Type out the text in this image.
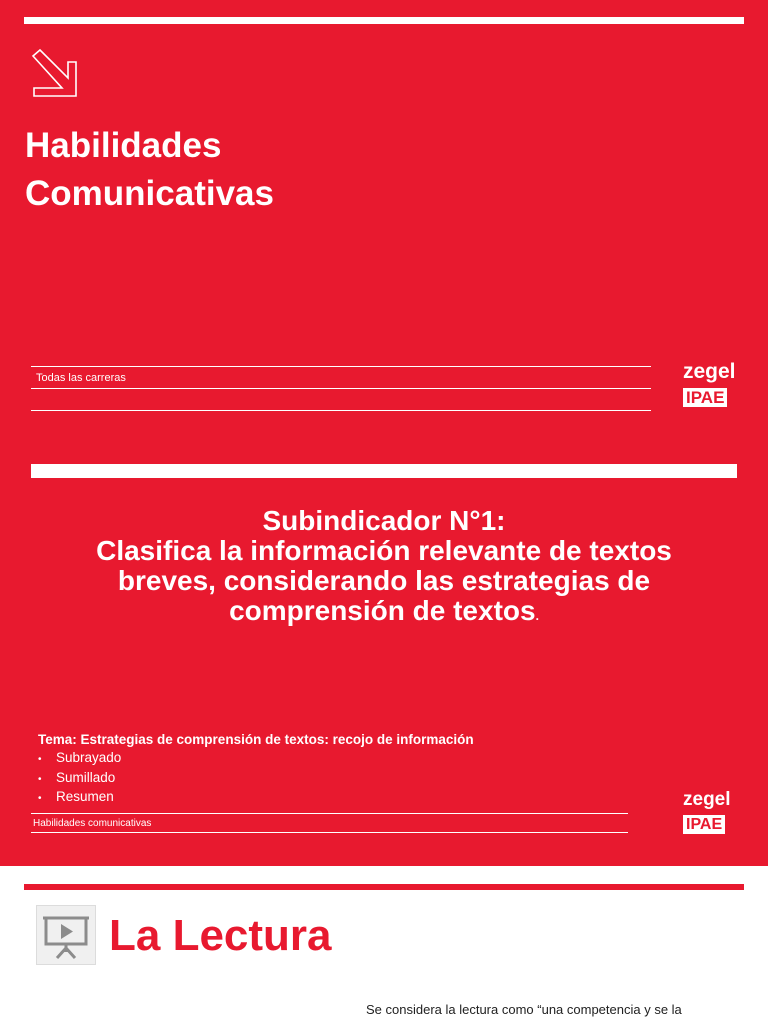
Habilidades
Comunicativas
Todas las carreras	zegel
IPAE
Subindicador N°1:
Clasifica la información relevante de textos
breves, considerando las estrategias de
comprensión de textos.
Tema: Estrategias de comprensión de textos: recojo de información
• Subrayado
• Sumillado
• Resumen
Habilidades comunicativas
zegel
IPAE
La Lectura
Se considera la lectura como “una competencia y se la
